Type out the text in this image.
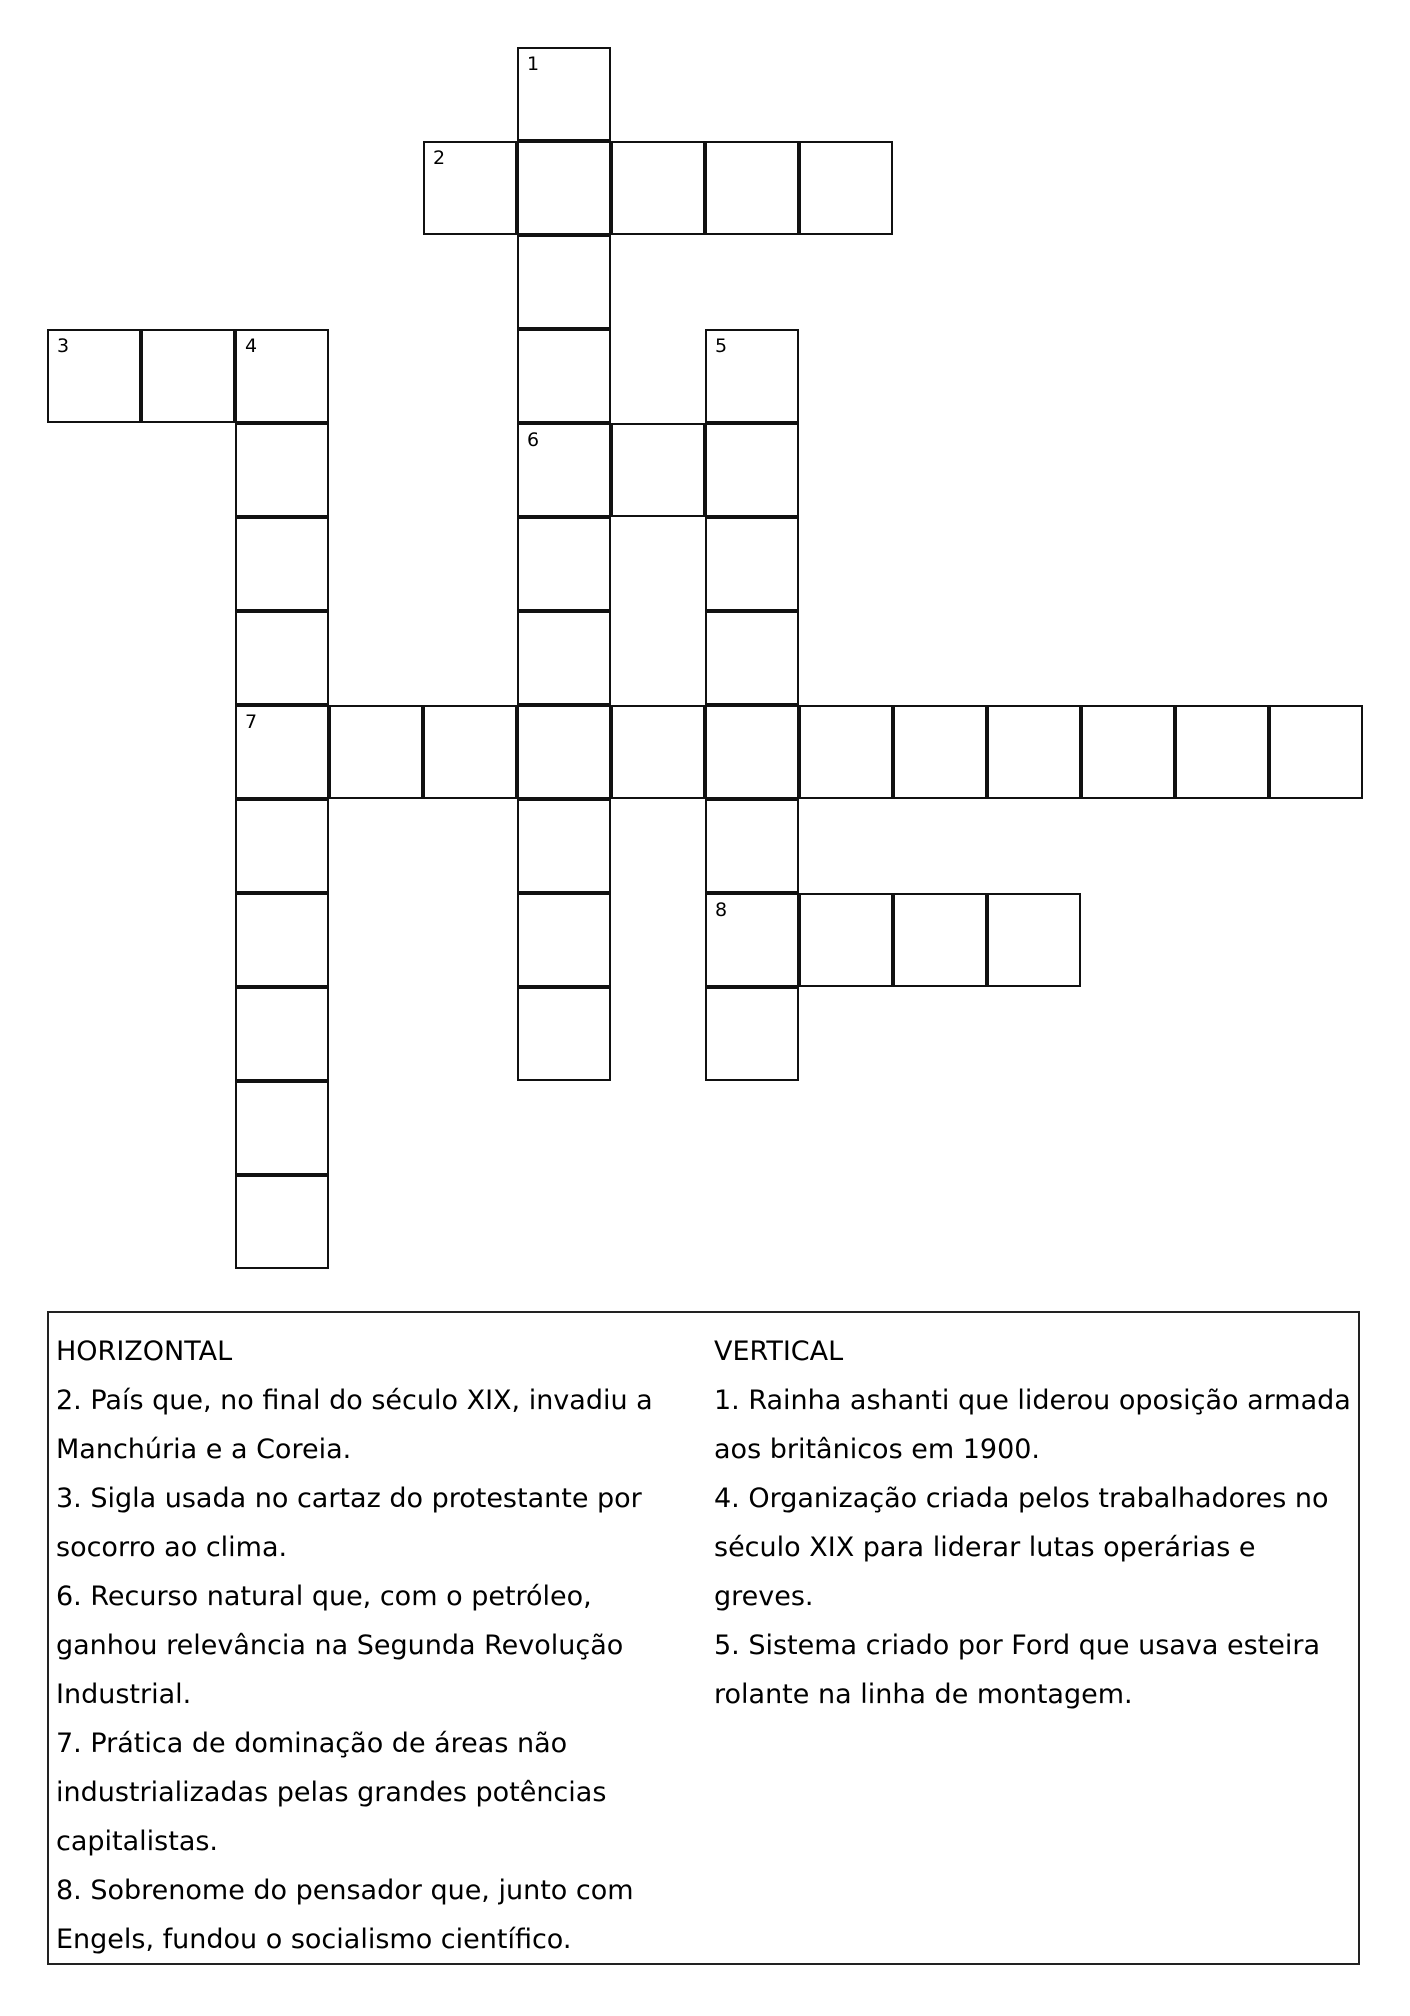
1
2
3	4	5
6
7
8
HORIZONTAL
2. País que, no final do século XIX, invadiu a Manchúria e a Coreia.
3. Sigla usada no cartaz do protestante por socorro ao clima.
6. Recurso natural que, com o petróleo, ganhou relevância na Segunda Revolução Industrial.
7. Prática de dominação de áreas não industrializadas pelas grandes potências capitalistas.
8. Sobrenome do pensador que, junto com Engels, fundou o socialismo científico.
VERTICAL
1. Rainha ashanti que liderou oposição armada aos britânicos em 1900.
4. Organização criada pelos trabalhadores no século XIX para liderar lutas operárias e greves.
5. Sistema criado por Ford que usava esteira rolante na linha de montagem.
